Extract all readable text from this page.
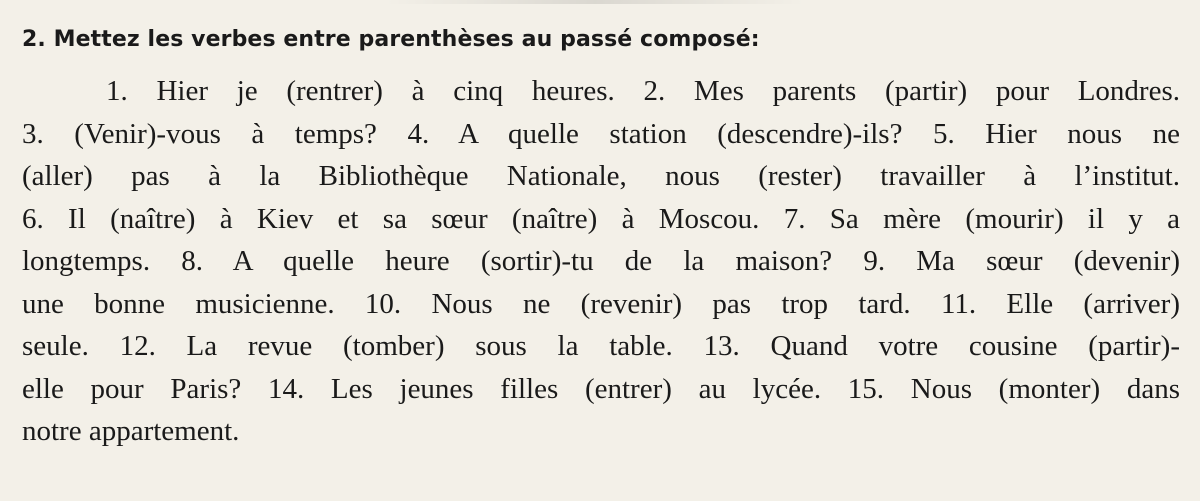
2. Mettez les verbes entre parenthèses au passé composé:
1. Hier je (rentrer) à cinq heures. 2. Mes parents (partir) pour Londres.
3. (Venir)-vous à temps? 4. A quelle station (descendre)-ils? 5. Hier nous ne
(aller) pas à la Bibliothèque Nationale, nous (rester) travailler à l’institut.
6. Il (naître) à Kiev et sa sœur (naître) à Moscou. 7. Sa mère (mourir) il y a
longtemps. 8. A quelle heure (sortir)-tu de la maison? 9. Ma sœur (devenir)
une bonne musicienne. 10. Nous ne (revenir) pas trop tard. 11. Elle (arriver)
seule. 12. La revue (tomber) sous la table. 13. Quand votre cousine (partir)-
elle pour Paris? 14. Les jeunes filles (entrer) au lycée. 15. Nous (monter) dans
notre appartement.
